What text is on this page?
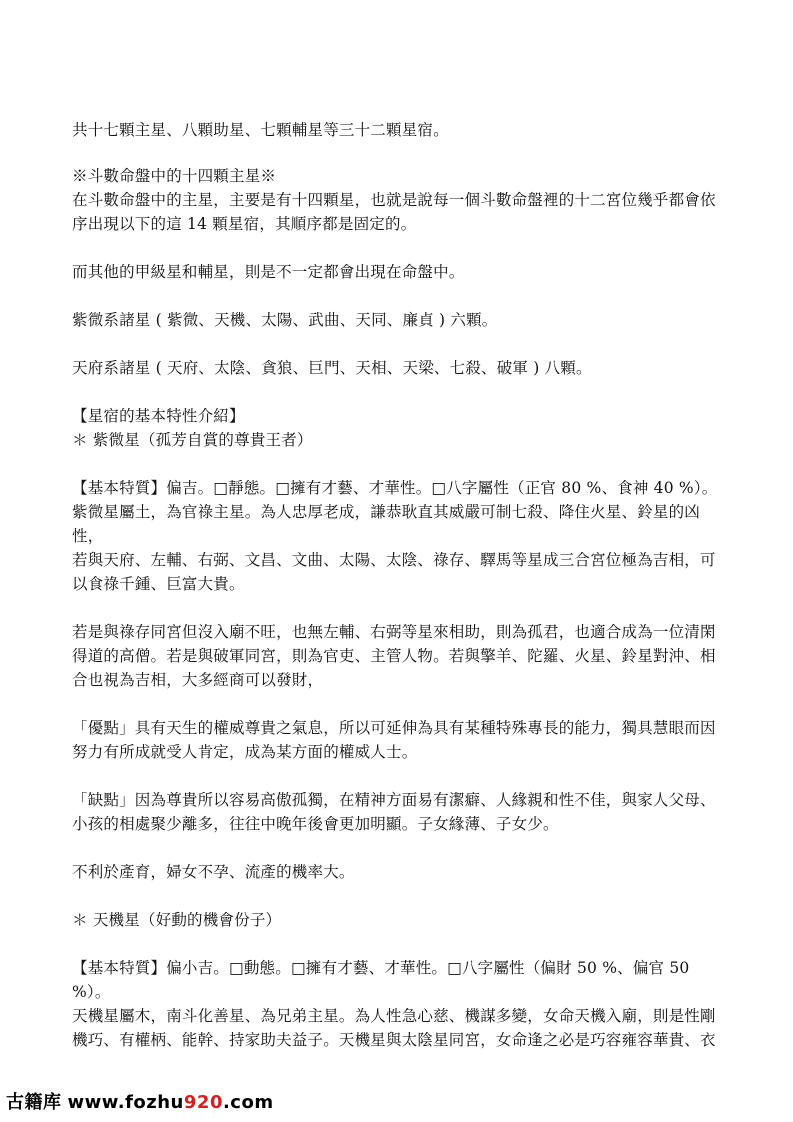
共十七顆主星、八顆助星、七顆輔星等三十二顆星宿。

※斗數命盤中的十四顆主星※

在斗數命盤中的主星，主要是有十四顆星，也就是說每一個斗數命盤裡的十二宮位幾乎都會依

序出現以下的這 14 顆星宿，其順序都是固定的。

而其他的甲級星和輔星，則是不一定都會出現在命盤中。

紫微系諸星 ( 紫微、天機、太陽、武曲、天同、廉貞 ) 六顆。

天府系諸星 ( 天府、太陰、貪狼、巨門、天相、天梁、七殺、破軍 ) 八顆。

【星宿的基本特性介紹】

＊ 紫微星（孤芳自賞的尊貴王者）

【基本特質】偏吉。□靜態。□擁有才藝、才華性。□八字屬性（正官 80 %、食神 40 %）。

紫微星屬土，為官祿主星。為人忠厚老成，謙恭耿直其威嚴可制七殺、降住火星、鈴星的凶性，

若與天府、左輔、右弼、文昌、文曲、太陽、太陰、祿存、驛馬等星成三合宮位極為吉相，可

以食祿千鍾、巨富大貴。

若是與祿存同宮但沒入廟不旺，也無左輔、右弼等星來相助，則為孤君，也適合成為一位清閑

得道的高僧。若是與破軍同宮，則為官吏、主管人物。若與擎羊、陀羅、火星、鈴星對沖、相

合也視為吉相，大多經商可以發財，

「優點」具有天生的權威尊貴之氣息，所以可延伸為具有某種特殊專長的能力，獨具慧眼而因

努力有所成就受人肯定，成為某方面的權威人士。

「缺點」因為尊貴所以容易高傲孤獨，在精神方面易有潔癖、人緣親和性不佳，與家人父母、

小孩的相處聚少離多，往往中晚年後會更加明顯。子女緣薄、子女少。

不利於產育，婦女不孕、流產的機率大。

＊ 天機星（好動的機會份子）

【基本特質】偏小吉。□動態。□擁有才藝、才華性。□八字屬性（偏財 50 %、偏官 50 %）。

天機星屬木，南斗化善星、為兄弟主星。為人性急心慈、機謀多變，女命天機入廟，則是性剛

機巧、有權柄、能幹、持家助夫益子。天機星與太陰星同宮，女命逢之必是巧容雍容華貴、衣

古籍库 www.fozhu920.com
